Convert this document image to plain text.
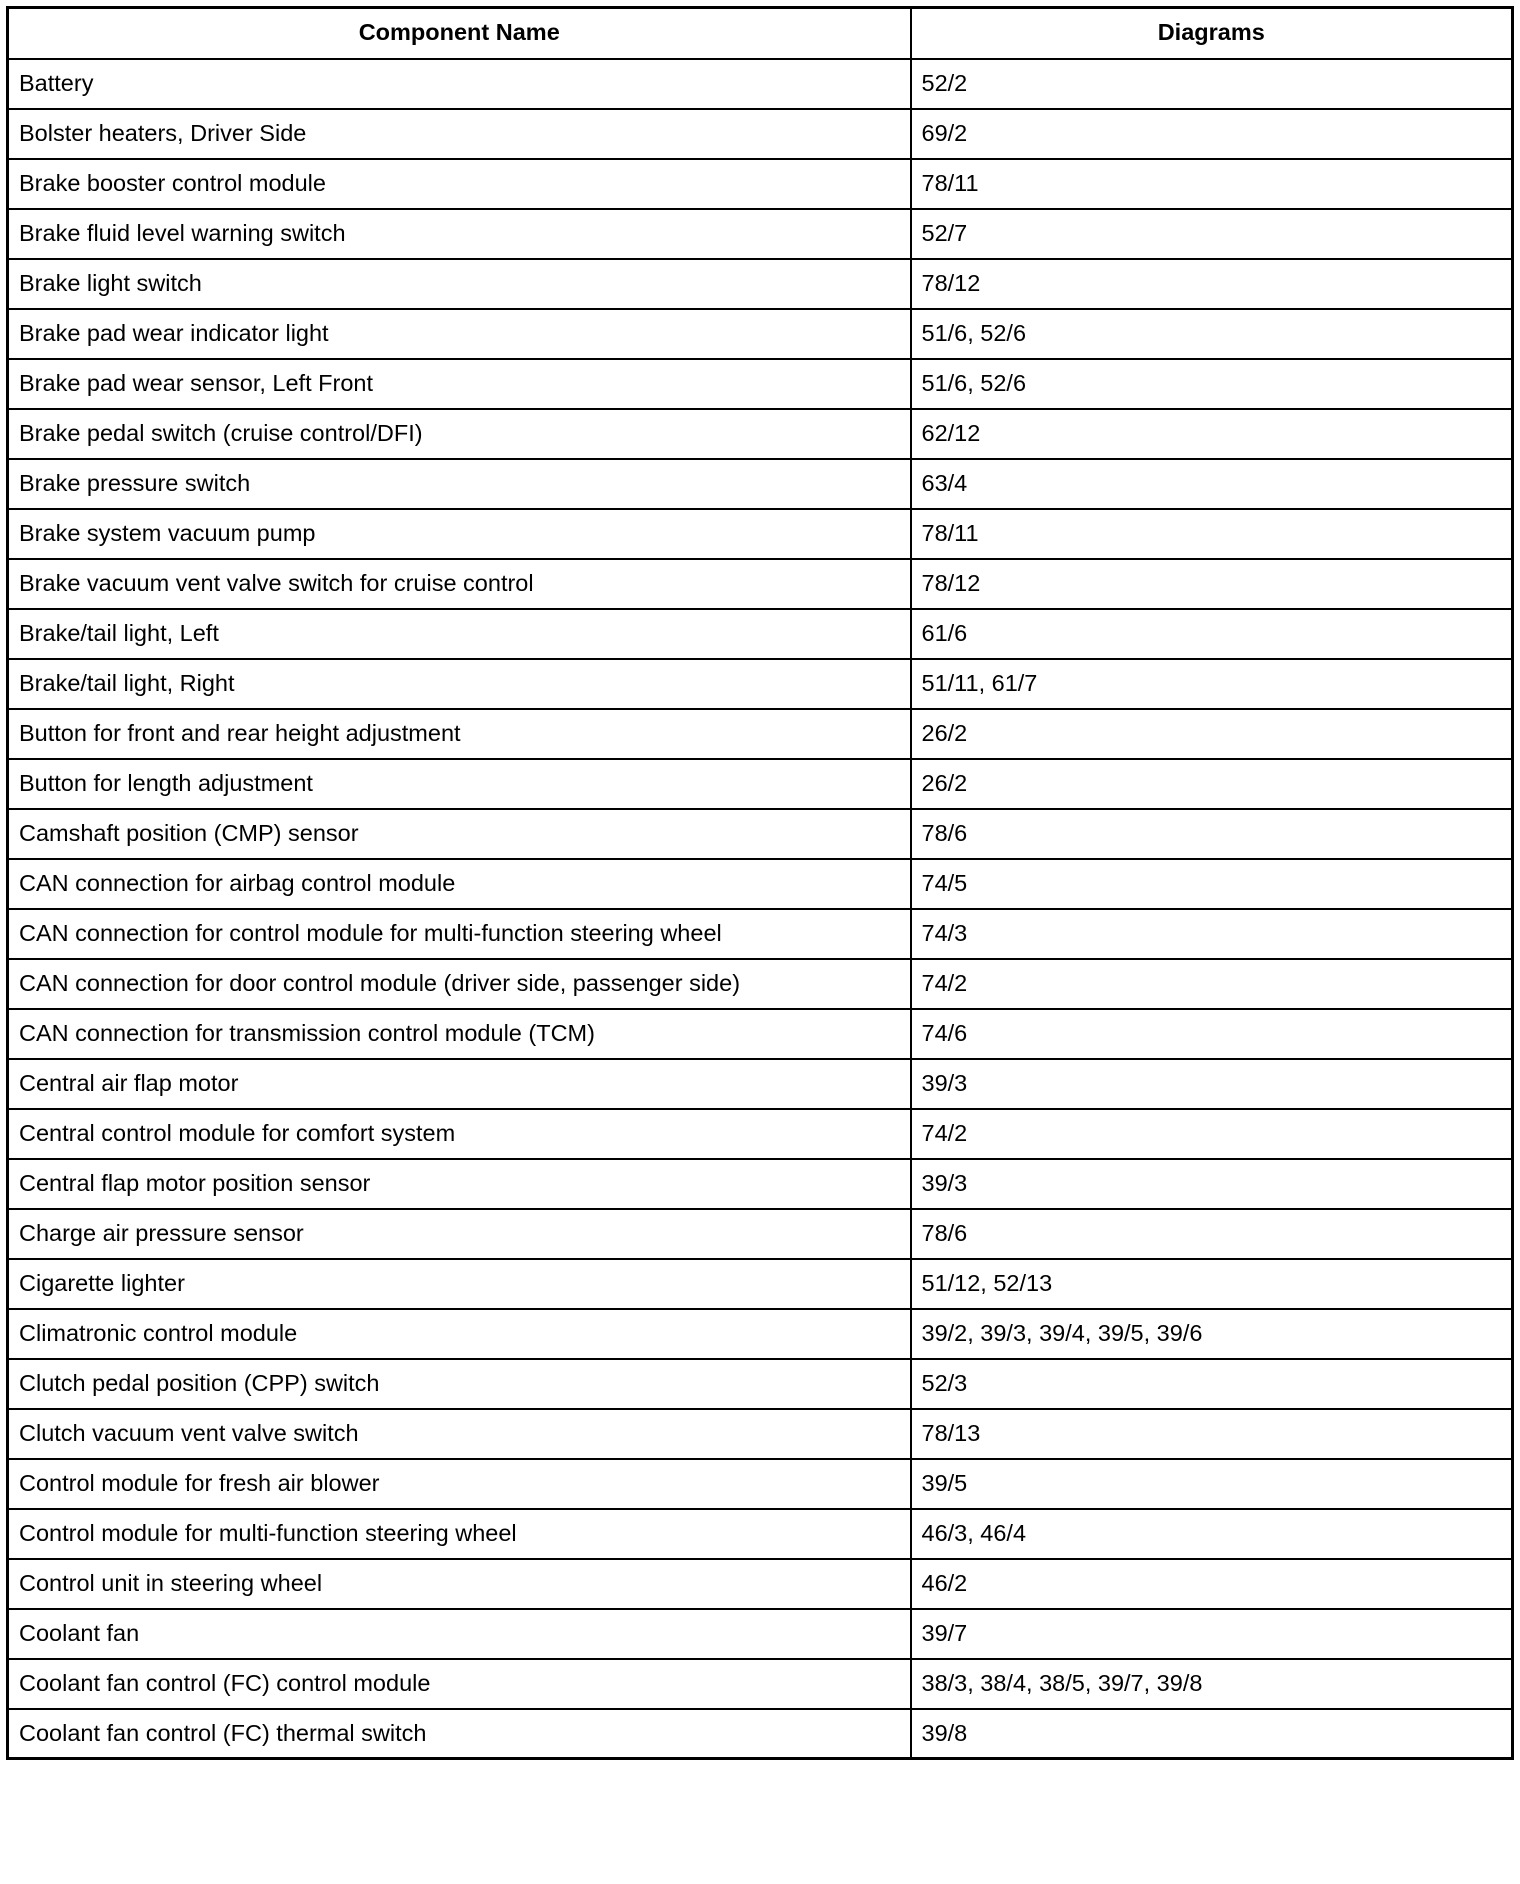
Component Name	Diagrams
Battery	52/2
Bolster heaters, Driver Side	69/2
Brake booster control module	78/11
Brake fluid level warning switch	52/7
Brake light switch	78/12
Brake pad wear indicator light	51/6, 52/6
Brake pad wear sensor, Left Front	51/6, 52/6
Brake pedal switch (cruise control/DFI)	62/12
Brake pressure switch	63/4
Brake system vacuum pump	78/11
Brake vacuum vent valve switch for cruise control	78/12
Brake/tail light, Left	61/6
Brake/tail light, Right	51/11, 61/7
Button for front and rear height adjustment	26/2
Button for length adjustment	26/2
Camshaft position (CMP) sensor	78/6
CAN connection for airbag control module	74/5
CAN connection for control module for multi-function steering wheel	74/3
CAN connection for door control module (driver side, passenger side)	74/2
CAN connection for transmission control module (TCM)	74/6
Central air flap motor	39/3
Central control module for comfort system	74/2
Central flap motor position sensor	39/3
Charge air pressure sensor	78/6
Cigarette lighter	51/12, 52/13
Climatronic control module	39/2, 39/3, 39/4, 39/5, 39/6
Clutch pedal position (CPP) switch	52/3
Clutch vacuum vent valve switch	78/13
Control module for fresh air blower	39/5
Control module for multi-function steering wheel	46/3, 46/4
Control unit in steering wheel	46/2
Coolant fan	39/7
Coolant fan control (FC) control module	38/3, 38/4, 38/5, 39/7, 39/8
Coolant fan control (FC) thermal switch	39/8
